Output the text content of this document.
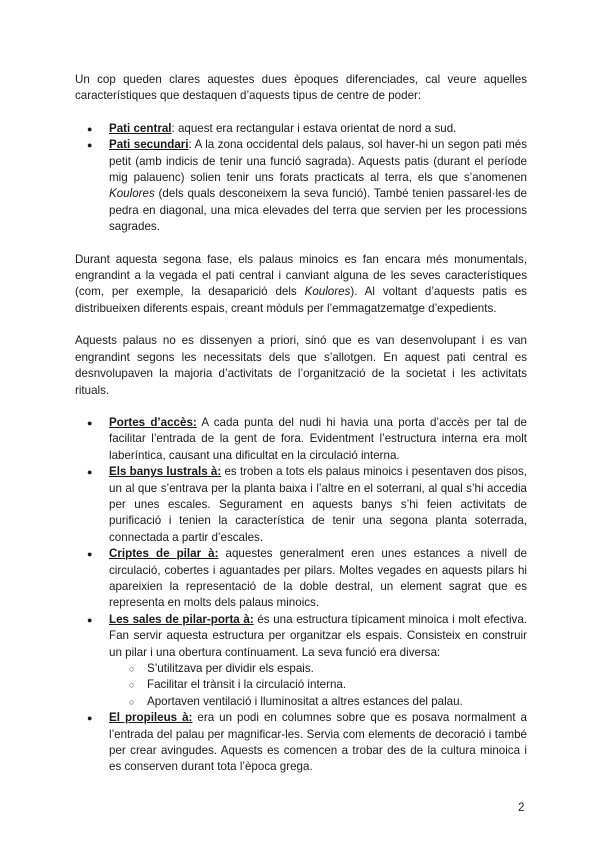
Un cop queden clares aquestes dues èpoques diferenciades, cal veure aquelles característiques que destaquen d’aquests tipus de centre de poder:

● Pati central: aquest era rectangular i estava orientat de nord a sud.
● Pati secundari: A la zona occidental dels palaus, sol haver-hi un segon pati més petit (amb indicis de tenir una funció sagrada). Aquests patis (durant el període mig palauenc) solien tenir uns forats practicats al terra, els que s’anomenen Koulores (dels quals desconeixem la seva funció). També tenien passarel·les de pedra en diagonal, una mica elevades del terra que servien per les processions sagrades.

Durant aquesta segona fase, els palaus minoics es fan encara més monumentals, engrandint a la vegada el pati central i canviant alguna de les seves característiques (com, per exemple, la desaparició dels Koulores). Al voltant d’aquests patis es distribueixen diferents espais, creant mòduls per l’emmagatzematge d’expedients.

Aquests palaus no es dissenyen a priori, sinó que es van desenvolupant i es van engrandint segons les necessitats dels que s’allotgen. En aquest pati central es desnvolupaven la majoria d’activitats de l’organització de la societat i les activitats rituals.

● Portes d’accès: A cada punta del nudi hi havia una porta d’accès per tal de facilitar l’entrada de la gent de fora. Evidentment l’estructura interna era molt laberíntica, causant una dificultat en la circulació interna.
● Els banys lustrals à: es troben a tots els palaus minoics i pesentaven dos pisos, un al que s’entrava per la planta baixa i l’altre en el soterrani, al qual s’hi accedia per unes escales. Segurament en aquests banys s’hi feien activitats de purificació i tenien la característica de tenir una segona planta soterrada, connectada a partir d’escales.
● Criptes de pilar à: aquestes generalment eren unes estances a nivell de circulació, cobertes i aguantades per pilars. Moltes vegades en aquests pilars hi apareixien la representació de la doble destral, un element sagrat que es representa en molts dels palaus minoics.
● Les sales de pilar-porta à: és una estructura típicament minoica i molt efectiva. Fan servir aquesta estructura per organitzar els espais. Consisteix en construir un pilar i una obertura contínuament. La seva funció era diversa:
○ S’utilitzava per dividir els espais.
○ Facilitar el trànsit i la circulació interna.
○ Aportaven ventilació i lluminositat a altres estances del palau.
● El propileus à: era un podi en columnes sobre que es posava normalment a l’entrada del palau per magnificar-les. Servia com elements de decoració i també per crear avingudes. Aquests es comencen a trobar des de la cultura minoica i es conserven durant tota l’època grega.
2
